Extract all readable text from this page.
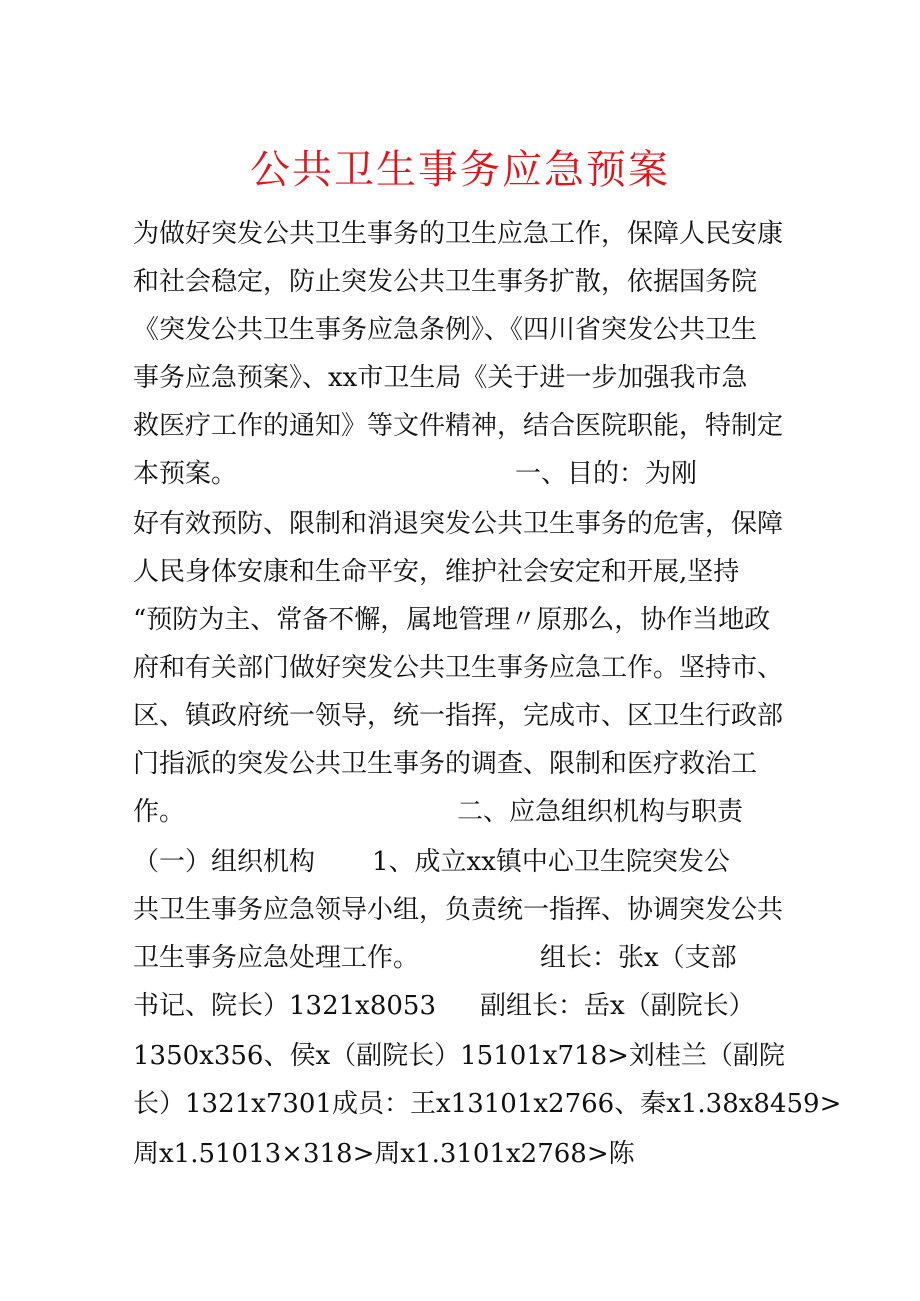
公共卫生事务应急预案
为做好突发公共卫生事务的卫生应急工作，保障人民安康
和社会稳定，防止突发公共卫生事务扩散，依据国务院
《突发公共卫生事务应急条例》、《四川省突发公共卫生
事务应急预案》、xx市卫生局《关于进一步加强我市急
救医疗工作的通知》等文件精神，结合医院职能，特制定
本预案。	一、目的：为刚
好有效预防、限制和消退突发公共卫生事务的危害，保障
人民身体安康和生命平安，维护社会安定和开展,坚持
“预防为主、常备不懈，属地管理〃原那么，协作当地政
府和有关部门做好突发公共卫生事务应急工作。坚持市、
区、镇政府统一领导，统一指挥，完成市、区卫生行政部
门指派的突发公共卫生事务的调查、限制和医疗救治工
作。	二、应急组织机构与职责
（一）组织机构 1、成立xx镇中心卫生院突发公
共卫生事务应急领导小组，负责统一指挥、协调突发公共
卫生事务应急处理工作。	组长：张x（支部
书记、院长）1321x8053 副组长：岳x（副院长）
1350x356、侯x（副院长）15101x718>刘桂兰（副院
长）1321x7301成员：王x13101x2766、秦x1.38x8459>
周x1.51013×318>周x1.3101x2768>陈
